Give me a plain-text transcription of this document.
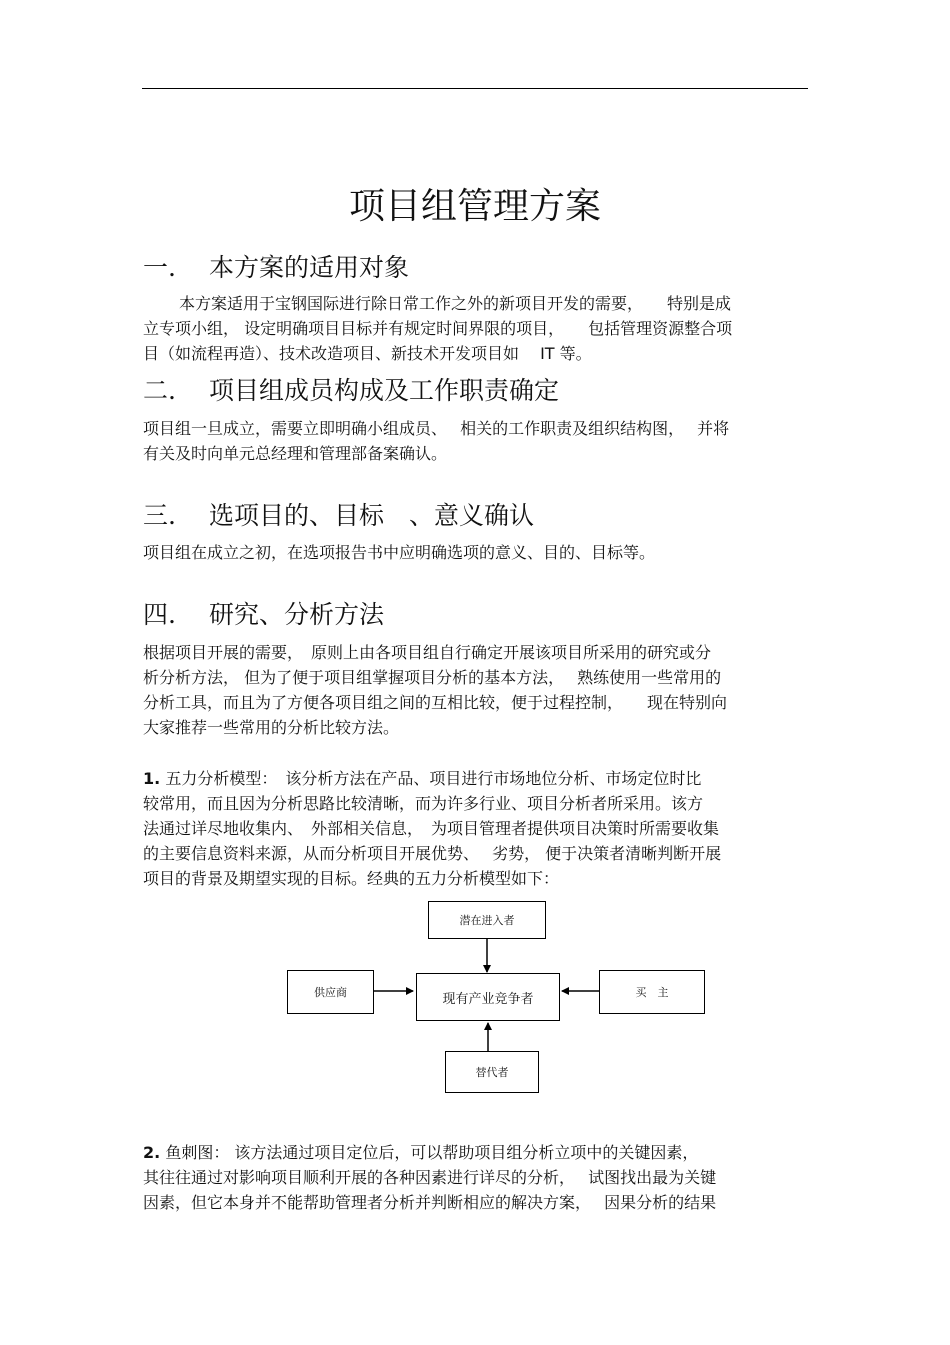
项目组管理方案
一. 本方案的适用对象
本方案适用于宝钢国际进行除日常工作之外的新项目开发的需要，　　特别是成
立专项小组， 设定明确项目目标并有规定时间界限的项目，　　包括管理资源整合项
目（如流程再造）、技术改造项目、新技术开发项目如　 IT 等。
二. 项目组成员构成及工作职责确定
项目组一旦成立，需要立即明确小组成员、　 相关的工作职责及组织结构图，　 并将
有关及时向单元总经理和管理部备案确认。
三. 选项目的、目标　、意义确认
项目组在成立之初，在选项报告书中应明确选项的意义、目的、目标等。
四. 研究、分析方法
根据项目开展的需要，　原则上由各项目组自行确定开展该项目所采用的研究或分
析分析方法， 但为了便于项目组掌握项目分析的基本方法，　 熟练使用一些常用的
分析工具，而且为了方便各项目组之间的互相比较，便于过程控制，　　现在特别向
大家推荐一些常用的分析比较方法。
1. 五力分析模型：　该分析方法在产品、项目进行市场地位分析、市场定位时比
较常用，而且因为分析思路比较清晰，而为许多行业、项目分析者所采用。该方
法通过详尽地收集内、　外部相关信息，　为项目管理者提供项目决策时所需要收集
的主要信息资料来源，从而分析项目开展优势、　 劣势， 便于决策者清晰判断开展
项目的背景及期望实现的目标。经典的五力分析模型如下：
潜在进入者
供应商	现有产业竞争者	买　主
替代者
2. 鱼刺图： 该方法通过项目定位后，可以帮助项目组分析立项中的关键因素，
其往往通过对影响项目顺利开展的各种因素进行详尽的分析，　 试图找出最为关键
因素，但它本身并不能帮助管理者分析并判断相应的解决方案，　 因果分析的结果
